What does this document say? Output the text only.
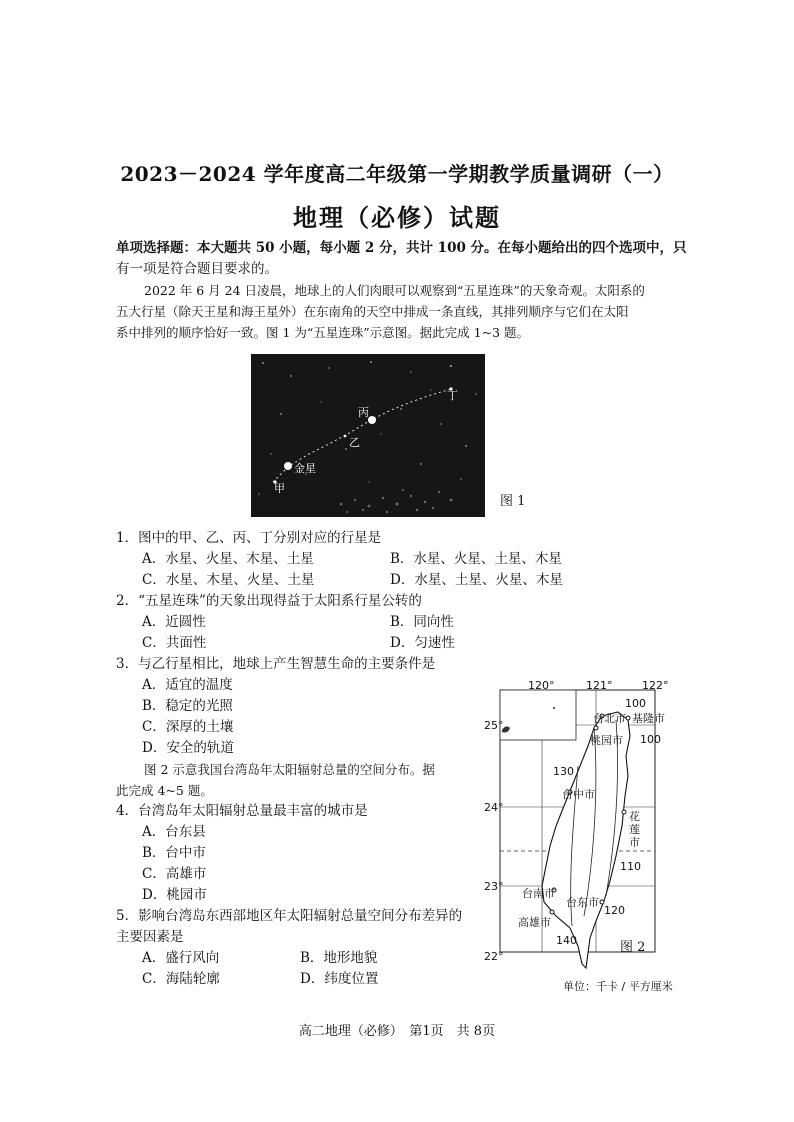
2023－2024 学年度高二年级第一学期教学质量调研（一）
地理（必修）试题
单项选择题：本大题共 50 小题，每小题 2 分，共计 100 分。在每小题给出的四个选项中，只
有一项是符合题目要求的。
2022 年 6 月 24 日凌晨，地球上的人们肉眼可以观察到“五星连珠”的天象奇观。太阳系的
五大行星（除天王星和海王星外）在东南角的天空中排成一条直线，其排列顺序与它们在太阳
系中排列的顺序恰好一致。图 1 为“五星连珠”示意图。据此完成 1~3 题。
甲
金星
乙
丙
丁
图 1
1．图中的甲、乙、丙、丁分别对应的行星是
A．水星、火星、木星、土星	B．水星、火星、土星、木星
C．水星、木星、火星、土星	D．水星、土星、火星、木星
2．“五星连珠”的天象出现得益于太阳系行星公转的
A．近圆性	B．同向性
C．共面性	D．匀速性
3．与乙行星相比，地球上产生智慧生命的主要条件是
A．适宜的温度
B．稳定的光照
C．深厚的土壤
D．安全的轨道
图 2 示意我国台湾岛年太阳辐射总量的空间分布。据
此完成 4~5 题。
4．台湾岛年太阳辐射总量最丰富的城市是
A．台东县
B．台中市
C．高雄市
D．桃园市
5．影响台湾岛东西部地区年太阳辐射总量空间分布差异的
主要因素是
A．盛行风向	B．地形地貌
C．海陆轮廓	D．纬度位置
120°	121°	122°
25°
24°
23°
22°
台北市 基隆市
桃园市
台中市
花莲市
台南市
台东市
高雄市
100
100
130
110
120
140	图 2
单位：千卡 / 平方厘米
高二地理（必修）　第1页　共 8页
